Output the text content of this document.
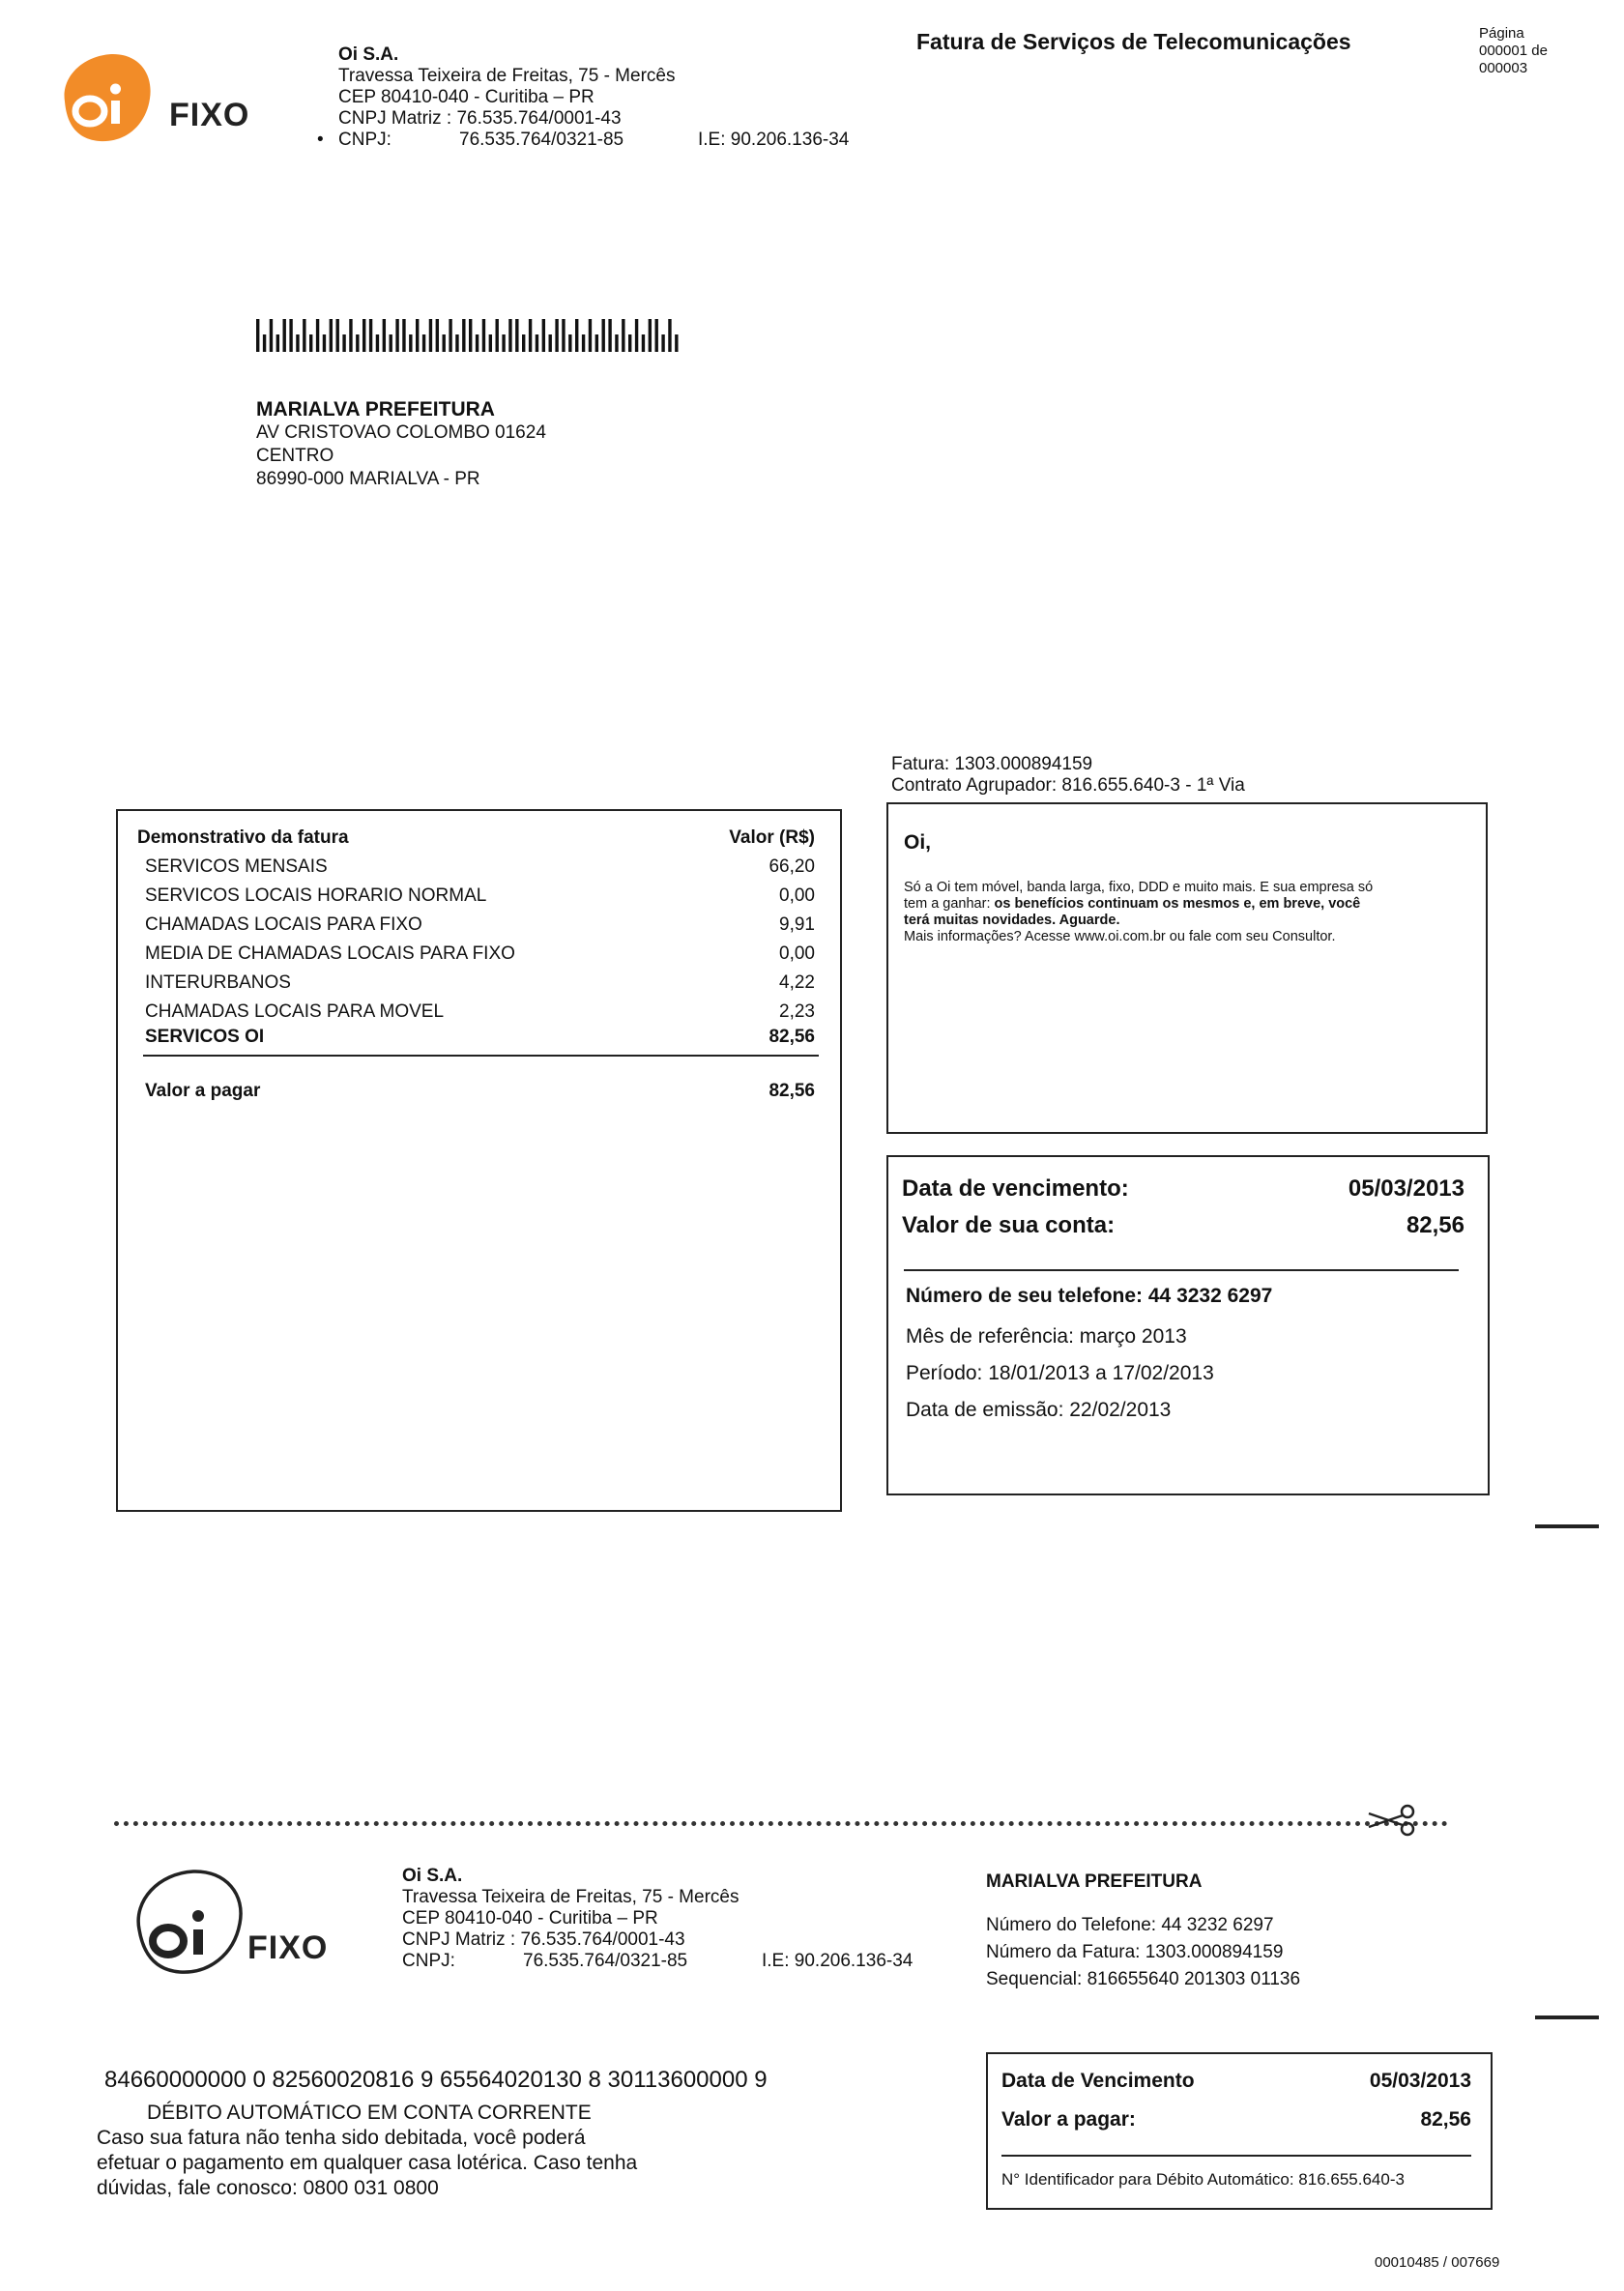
FIXO
Oi S.A.
Travessa Teixeira de Freitas, 75 - Mercês
CEP 80410-040 - Curitiba – PR
CNPJ Matriz : 76.535.764/0001-43
• CNPJ:	76.535.764/0321-85	I.E: 90.206.136-34
Fatura de Serviços de Telecomunicações	Página
000001 de
000003
MARIALVA PREFEITURA
AV CRISTOVAO COLOMBO 01624
CENTRO
86990-000 MARIALVA - PR
Fatura: 1303.000894159
Contrato Agrupador: 816.655.640-3 - 1ª Via
Demonstrativo da fatura	Valor (R$)
SERVICOS MENSAIS	66,20
SERVICOS LOCAIS HORARIO NORMAL	0,00
CHAMADAS LOCAIS PARA FIXO	9,91
MEDIA DE CHAMADAS LOCAIS PARA FIXO	0,00
INTERURBANOS	4,22
CHAMADAS LOCAIS PARA MOVEL	2,23
SERVICOS OI	82,56
Valor a pagar	82,56
Oi,
Só a Oi tem móvel, banda larga, fixo, DDD e muito mais. E sua empresa só
tem a ganhar: os benefícios continuam os mesmos e, em breve, você
terá muitas novidades. Aguarde.
Mais informações? Acesse www.oi.com.br ou fale com seu Consultor.
Data de vencimento:	05/03/2013
Valor de sua conta:	82,56
Número de seu telefone: 44 3232 6297
Mês de referência: março 2013
Período: 18/01/2013 a 17/02/2013
Data de emissão: 22/02/2013
FIXO
Oi S.A.
Travessa Teixeira de Freitas, 75 - Mercês
CEP 80410-040 - Curitiba – PR
CNPJ Matriz : 76.535.764/0001-43
CNPJ:	76.535.764/0321-85	I.E: 90.206.136-34
MARIALVA PREFEITURA
Número do Telefone: 44 3232 6297
Número da Fatura: 1303.000894159
Sequencial: 816655640 201303 01136
84660000000 0 82560020816 9 65564020130 8 30113600000 9
DÉBITO AUTOMÁTICO EM CONTA CORRENTE
Caso sua fatura não tenha sido debitada, você poderá
efetuar o pagamento em qualquer casa lotérica. Caso tenha
dúvidas, fale conosco: 0800 031 0800
Data de Vencimento	05/03/2013
Valor a pagar:	82,56
N° Identificador para Débito Automático: 816.655.640-3
00010485 / 007669
